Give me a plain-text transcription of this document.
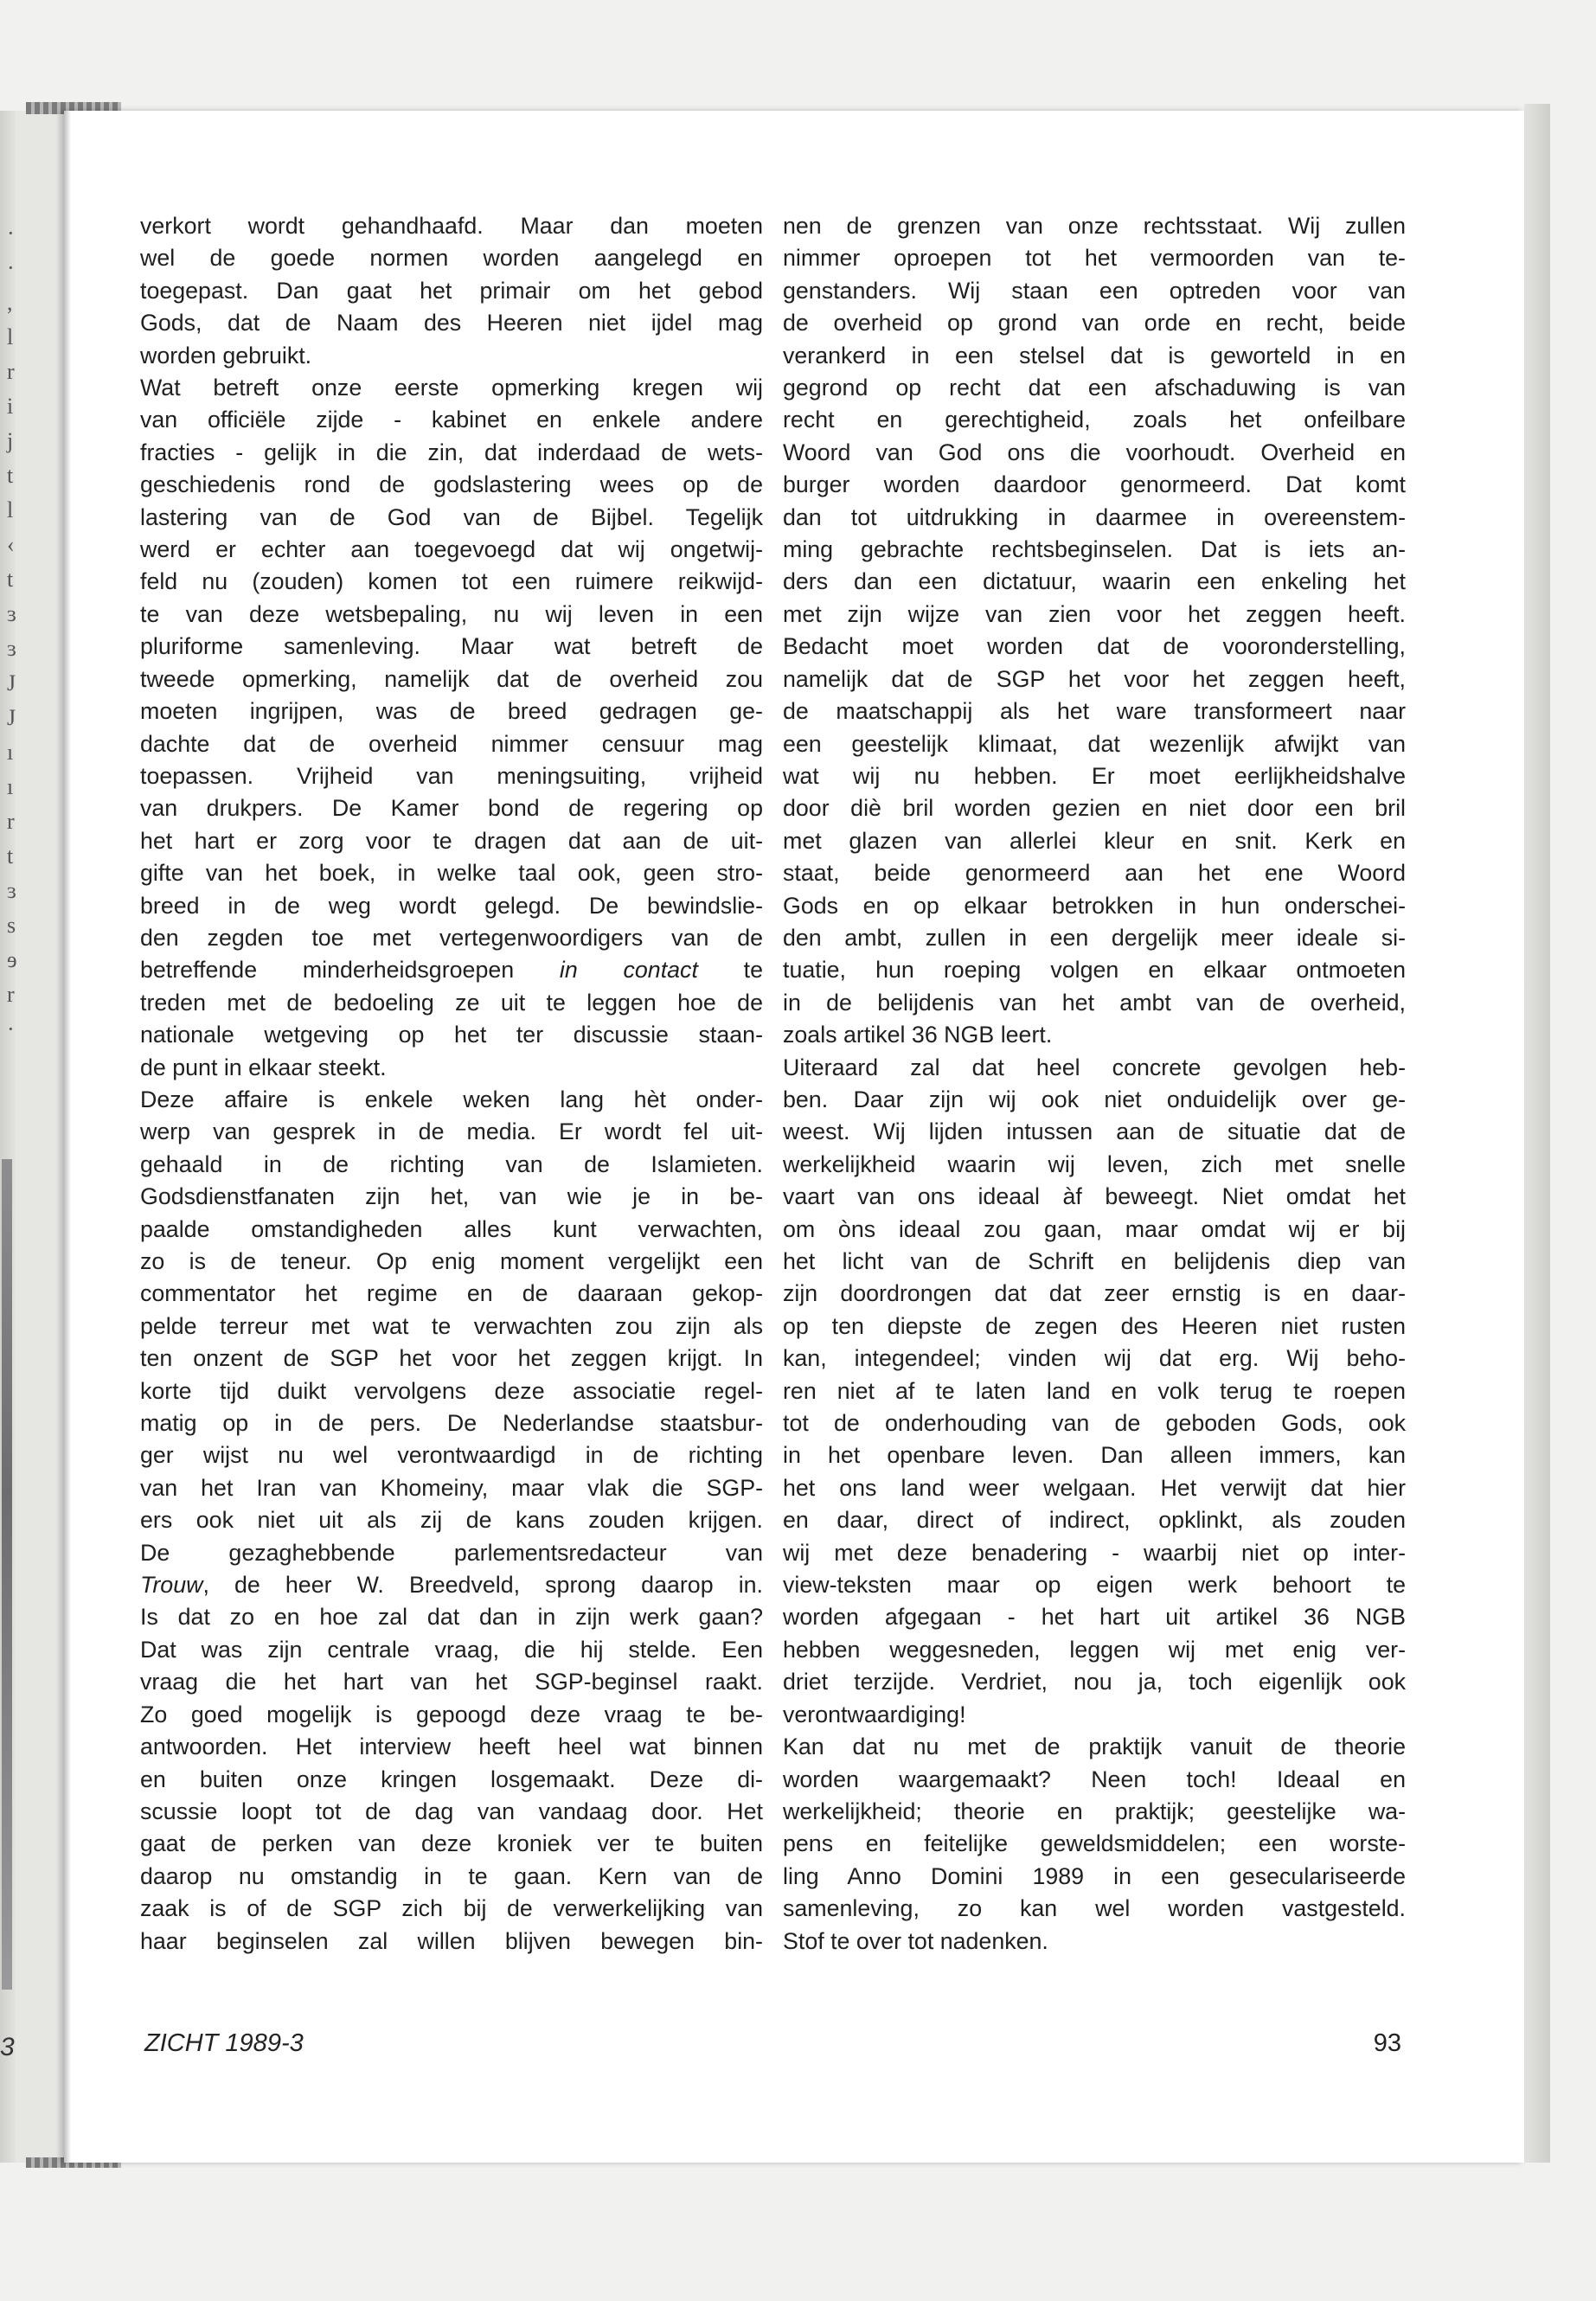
·
·
,
l
r
i
j
t
l
‹
t
ɜ
ɜ
J
J
ı
ı
r
t
ɜ
s
ɘ
r
·
3
verkort wordt gehandhaafd. Maar dan moeten
wel de goede normen worden aangelegd en
toegepast. Dan gaat het primair om het gebod
Gods, dat de Naam des Heeren niet ijdel mag
worden gebruikt.
Wat betreft onze eerste opmerking kregen wij
van officiële zijde - kabinet en enkele andere
fracties - gelijk in die zin, dat inderdaad de wets-
geschiedenis rond de godslastering wees op de
lastering van de God van de Bijbel. Tegelijk
werd er echter aan toegevoegd dat wij ongetwij-
feld nu (zouden) komen tot een ruimere reikwijd-
te van deze wetsbepaling, nu wij leven in een
pluriforme samenleving. Maar wat betreft de
tweede opmerking, namelijk dat de overheid zou
moeten ingrijpen, was de breed gedragen ge-
dachte dat de overheid nimmer censuur mag
toepassen. Vrijheid van meningsuiting, vrijheid
van drukpers. De Kamer bond de regering op
het hart er zorg voor te dragen dat aan de uit-
gifte van het boek, in welke taal ook, geen stro-
breed in de weg wordt gelegd. De bewindslie-
den zegden toe met vertegenwoordigers van de
betreffende minderheidsgroepen in contact te
treden met de bedoeling ze uit te leggen hoe de
nationale wetgeving op het ter discussie staan-
de punt in elkaar steekt.
Deze affaire is enkele weken lang hèt onder-
werp van gesprek in de media. Er wordt fel uit-
gehaald in de richting van de Islamieten.
Godsdienstfanaten zijn het, van wie je in be-
paalde omstandigheden alles kunt verwachten,
zo is de teneur. Op enig moment vergelijkt een
commentator het regime en de daaraan gekop-
pelde terreur met wat te verwachten zou zijn als
ten onzent de SGP het voor het zeggen krijgt. In
korte tijd duikt vervolgens deze associatie regel-
matig op in de pers. De Nederlandse staatsbur-
ger wijst nu wel verontwaardigd in de richting
van het Iran van Khomeiny, maar vlak die SGP-
ers ook niet uit als zij de kans zouden krijgen.
De gezaghebbende parlementsredacteur van
Trouw, de heer W. Breedveld, sprong daarop in.
Is dat zo en hoe zal dat dan in zijn werk gaan?
Dat was zijn centrale vraag, die hij stelde. Een
vraag die het hart van het SGP-beginsel raakt.
Zo goed mogelijk is gepoogd deze vraag te be-
antwoorden. Het interview heeft heel wat binnen
en buiten onze kringen losgemaakt. Deze di-
scussie loopt tot de dag van vandaag door. Het
gaat de perken van deze kroniek ver te buiten
daarop nu omstandig in te gaan. Kern van de
zaak is of de SGP zich bij de verwerkelijking van
haar beginselen zal willen blijven bewegen bin-
nen de grenzen van onze rechtsstaat. Wij zullen
nimmer oproepen tot het vermoorden van te-
genstanders. Wij staan een optreden voor van
de overheid op grond van orde en recht, beide
verankerd in een stelsel dat is geworteld in en
gegrond op recht dat een afschaduwing is van
recht en gerechtigheid, zoals het onfeilbare
Woord van God ons die voorhoudt. Overheid en
burger worden daardoor genormeerd. Dat komt
dan tot uitdrukking in daarmee in overeenstem-
ming gebrachte rechtsbeginselen. Dat is iets an-
ders dan een dictatuur, waarin een enkeling het
met zijn wijze van zien voor het zeggen heeft.
Bedacht moet worden dat de vooronderstelling,
namelijk dat de SGP het voor het zeggen heeft,
de maatschappij als het ware transformeert naar
een geestelijk klimaat, dat wezenlijk afwijkt van
wat wij nu hebben. Er moet eerlijkheidshalve
door diè bril worden gezien en niet door een bril
met glazen van allerlei kleur en snit. Kerk en
staat, beide genormeerd aan het ene Woord
Gods en op elkaar betrokken in hun onderschei-
den ambt, zullen in een dergelijk meer ideale si-
tuatie, hun roeping volgen en elkaar ontmoeten
in de belijdenis van het ambt van de overheid,
zoals artikel 36 NGB leert.
Uiteraard zal dat heel concrete gevolgen heb-
ben. Daar zijn wij ook niet onduidelijk over ge-
weest. Wij lijden intussen aan de situatie dat de
werkelijkheid waarin wij leven, zich met snelle
vaart van ons ideaal àf beweegt. Niet omdat het
om òns ideaal zou gaan, maar omdat wij er bij
het licht van de Schrift en belijdenis diep van
zijn doordrongen dat dat zeer ernstig is en daar-
op ten diepste de zegen des Heeren niet rusten
kan, integendeel; vinden wij dat erg. Wij beho-
ren niet af te laten land en volk terug te roepen
tot de onderhouding van de geboden Gods, ook
in het openbare leven. Dan alleen immers, kan
het ons land weer welgaan. Het verwijt dat hier
en daar, direct of indirect, opklinkt, als zouden
wij met deze benadering - waarbij niet op inter-
view-teksten maar op eigen werk behoort te
worden afgegaan - het hart uit artikel 36 NGB
hebben weggesneden, leggen wij met enig ver-
driet terzijde. Verdriet, nou ja, toch eigenlijk ook
verontwaardiging!
Kan dat nu met de praktijk vanuit de theorie
worden waargemaakt? Neen toch! Ideaal en
werkelijkheid; theorie en praktijk; geestelijke wa-
pens en feitelijke geweldsmiddelen; een worste-
ling Anno Domini 1989 in een geseculariseerde
samenleving, zo kan wel worden vastgesteld.
Stof te over tot nadenken.
ZICHT 1989-3	93
